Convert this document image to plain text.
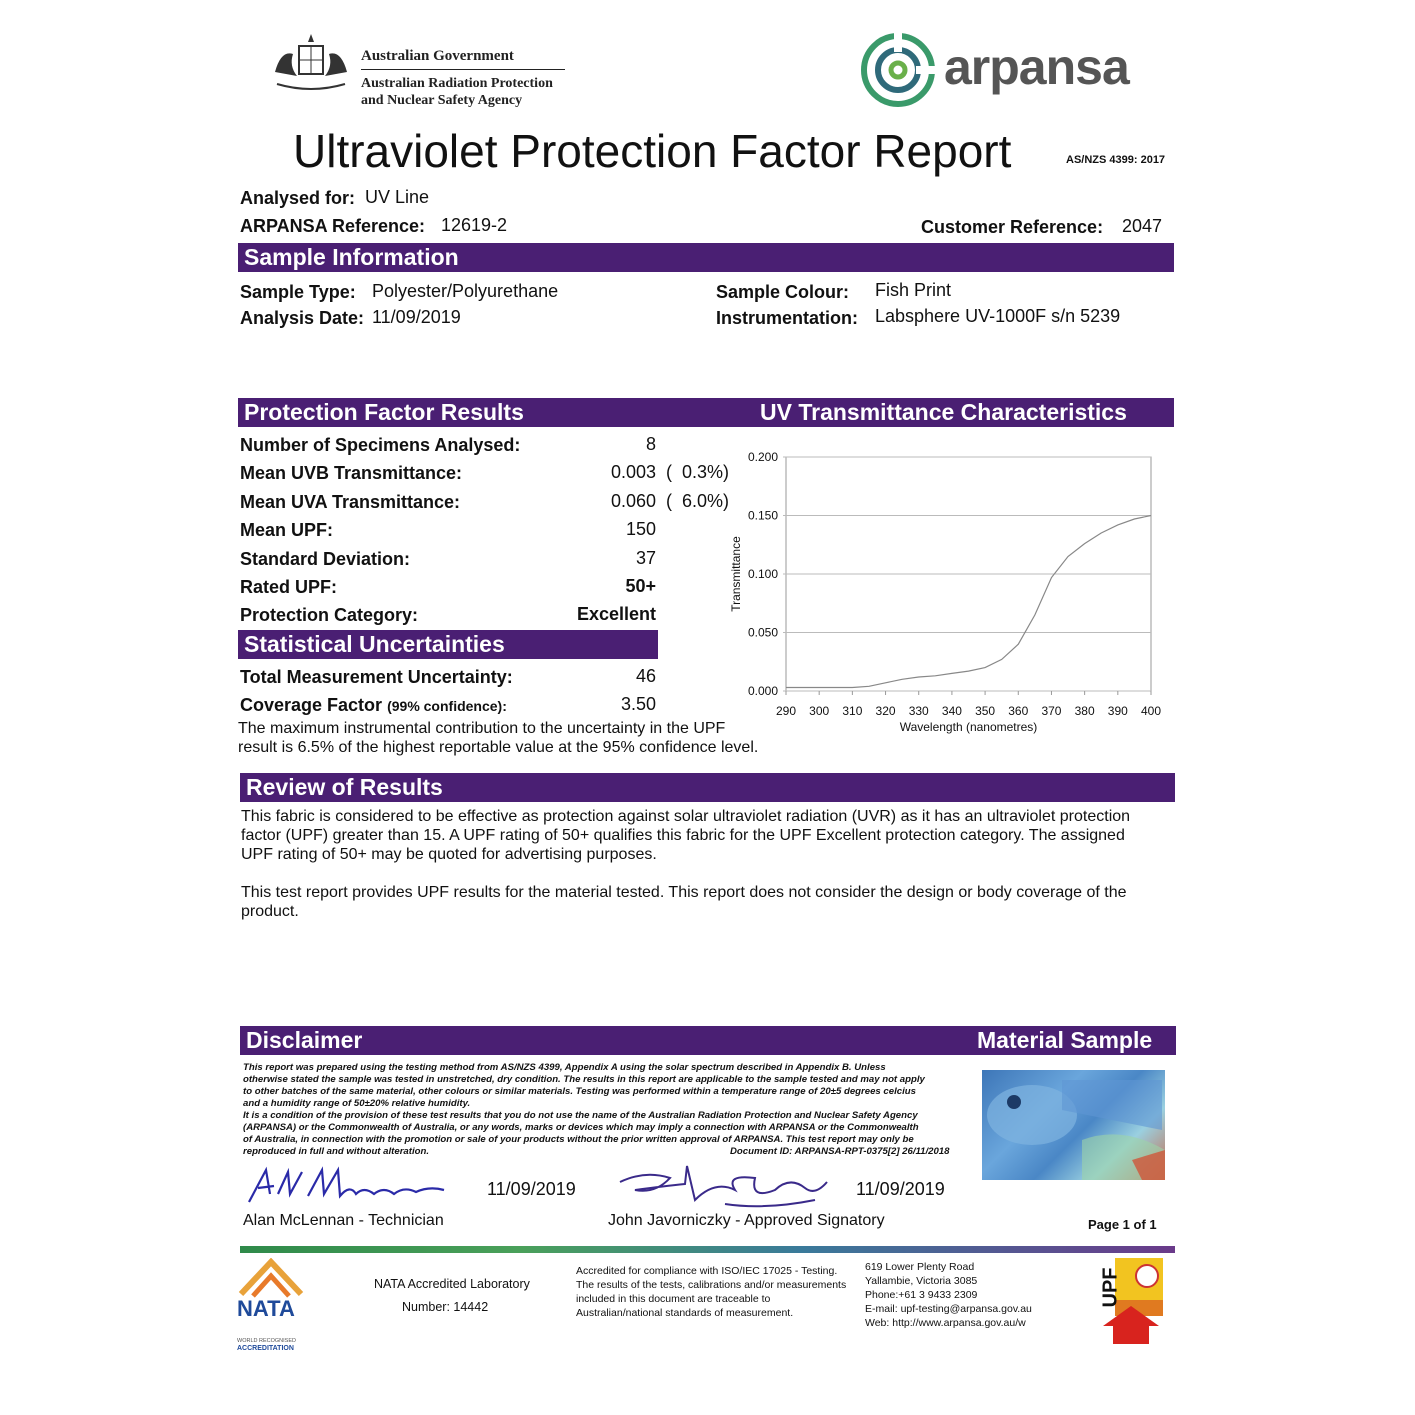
Australian Government
Australian Radiation Protection
and Nuclear Safety Agency
arpansa
Ultraviolet Protection Factor Report	AS/NZS 4399: 2017
Analysed for: UV Line
ARPANSA Reference: 12619-2	Customer Reference: 2047
Sample Information
Sample Type: Polyester/Polyurethane
Analysis Date: 11/09/2019
Sample Colour: Fish Print
Instrumentation: Labsphere UV-1000F s/n 5239
Protection Factor Results	UV Transmittance Characteristics
Number of Specimens Analysed:	8
Mean UVB Transmittance:	0.003 (  0.3%)
Mean UVA Transmittance:	0.060 (  6.0%)
Mean UPF:	150
Standard Deviation:	37
Rated UPF:	50+
Protection Category:	Excellent
Statistical Uncertainties
Total Measurement Uncertainty:	46
Coverage Factor (99% confidence):	3.50
The maximum instrumental contribution to the uncertainty in the UPF
result is 6.5% of the highest reportable value at the 95% confidence level.
0.000
0.050
0.100
0.150
0.200
290 300 310 320 330 340 350 360 370 380 390 400
Wavelength (nanometres)
Transmittance
Review of Results
This fabric is considered to be effective as protection against solar ultraviolet radiation (UVR) as it has an ultraviolet protection
factor (UPF) greater than 15. A UPF rating of 50+ qualifies this fabric for the UPF Excellent protection category. The assigned
UPF rating of 50+ may be quoted for advertising purposes.
This test report provides UPF results for the material tested. This report does not consider the design or body coverage of the
product.
Disclaimer	Material Sample
This report was prepared using the testing method from AS/NZS 4399, Appendix A using the solar spectrum described in Appendix B. Unless
otherwise stated the sample was tested in unstretched, dry condition. The results in this report are applicable to the sample tested and may not apply
to other batches of the same material, other colours or similar materials. Testing was performed within a temperature range of 20±5 degrees celcius
and a humidity range of 50±20% relative humidity.
It is a condition of the provision of these test results that you do not use the name of the Australian Radiation Protection and Nuclear Safety Agency
(ARPANSA) or the Commonwealth of Australia, or any words, marks or devices which may imply a connection with ARPANSA or the Commonwealth
of Australia, in connection with the promotion or sale of your products without the prior written approval of ARPANSA. This test report may only be
reproduced in full and without alteration.	Document ID: ARPANSA-RPT-0375[2] 26/11/2018
11/09/2019
Alan McLennan - Technician
11/09/2019
John Javorniczky - Approved Signatory	Page 1 of 1
NATA
WORLD RECOGNISED
ACCREDITATION
NATA Accredited Laboratory
Number: 14442
Accredited for compliance with ISO/IEC 17025 - Testing.
The results of the tests, calibrations and/or measurements
included in this document are traceable to
Australian/national standards of measurement.
619 Lower Plenty Road
Yallambie, Victoria 3085
Phone:+61 3 9433 2309
E-mail: upf-testing@arpansa.gov.au
Web: http://www.arpansa.gov.au/w
UPF
